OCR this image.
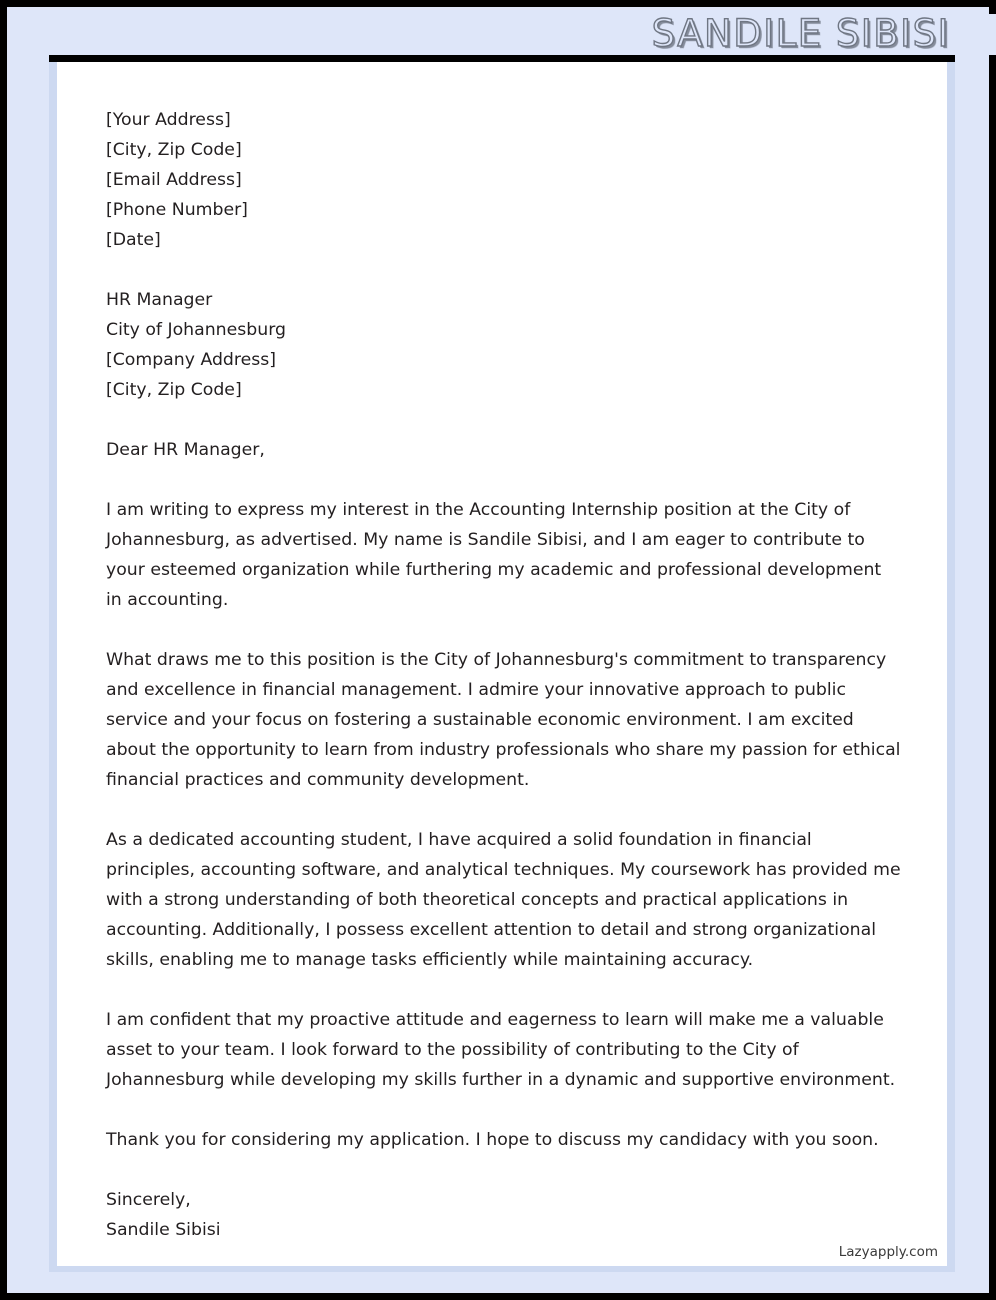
SANDILE SIBISI
[Your Address]
[City, Zip Code]
[Email Address]
[Phone Number]
[Date]
HR Manager
City of Johannesburg
[Company Address]
[City, Zip Code]
Dear HR Manager,

I am writing to express my interest in the Accounting Internship position at the City of Johannesburg, as advertised. My name is Sandile Sibisi, and I am eager to contribute to your esteemed organization while furthering my academic and professional development in accounting.

What draws me to this position is the City of Johannesburg's commitment to transparency and excellence in financial management. I admire your innovative approach to public service and your focus on fostering a sustainable economic environment. I am excited about the opportunity to learn from industry professionals who share my passion for ethical financial practices and community development.

As a dedicated accounting student, I have acquired a solid foundation in financial principles, accounting software, and analytical techniques. My coursework has provided me with a strong understanding of both theoretical concepts and practical applications in accounting. Additionally, I possess excellent attention to detail and strong organizational skills, enabling me to manage tasks efficiently while maintaining accuracy.

I am confident that my proactive attitude and eagerness to learn will make me a valuable asset to your team. I look forward to the possibility of contributing to the City of Johannesburg while developing my skills further in a dynamic and supportive environment.

Thank you for considering my application. I hope to discuss my candidacy with you soon.

Sincerely,
Sandile Sibisi
Lazyapply.com
